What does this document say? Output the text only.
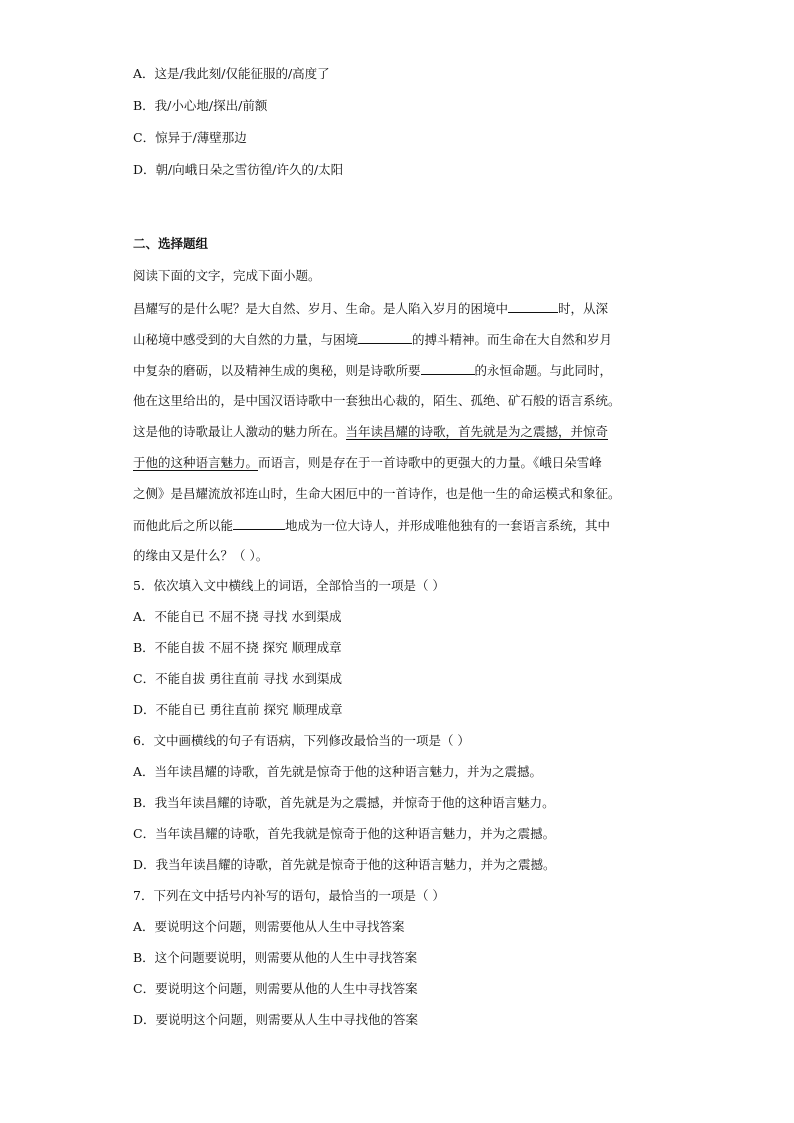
A．这是/我此刻/仅能征服的/高度了
B．我/小心地/探出/前额
C．惊异于/薄壁那边
D．朝/向峨日朵之雪彷徨/许久的/太阳
二、选择题组
阅读下面的文字，完成下面小题。
昌耀写的是什么呢？是大自然、岁月、生命。是人陷入岁月的困境中	时，从深
山秘境中感受到的大自然的力量，与困境	的搏斗精神。而生命在大自然和岁月
中复杂的磨砺，以及精神生成的奥秘，则是诗歌所要	的永恒命题。与此同时，
他在这里给出的，是中国汉语诗歌中一套独出心裁的，陌生、孤绝、矿石般的语言系统。
这是他的诗歌最让人激动的魅力所在。当年读昌耀的诗歌，首先就是为之震撼，并惊奇
于他的这种语言魅力。而语言，则是存在于一首诗歌中的更强大的力量。《峨日朵雪峰
之侧》是昌耀流放祁连山时，生命大困厄中的一首诗作，也是他一生的命运模式和象征。
而他此后之所以能	地成为一位大诗人，并形成唯他独有的一套语言系统，其中
的缘由又是什么？（ ）。
5．依次填入文中横线上的词语，全部恰当的一项是（ ）
A．不能自已 不屈不挠 寻找 水到渠成
B．不能自拔 不屈不挠 探究 顺理成章
C．不能自拔 勇往直前 寻找 水到渠成
D．不能自已 勇往直前 探究 顺理成章
6．文中画横线的句子有语病，下列修改最恰当的一项是（ ）
A．当年读昌耀的诗歌，首先就是惊奇于他的这种语言魅力，并为之震撼。
B．我当年读昌耀的诗歌，首先就是为之震撼，并惊奇于他的这种语言魅力。
C．当年读昌耀的诗歌，首先我就是惊奇于他的这种语言魅力，并为之震撼。
D．我当年读昌耀的诗歌，首先就是惊奇于他的这种语言魅力，并为之震撼。
7．下列在文中括号内补写的语句，最恰当的一项是（ ）
A．要说明这个问题，则需要他从人生中寻找答案
B．这个问题要说明，则需要从他的人生中寻找答案
C．要说明这个问题，则需要从他的人生中寻找答案
D．要说明这个问题，则需要从人生中寻找他的答案
